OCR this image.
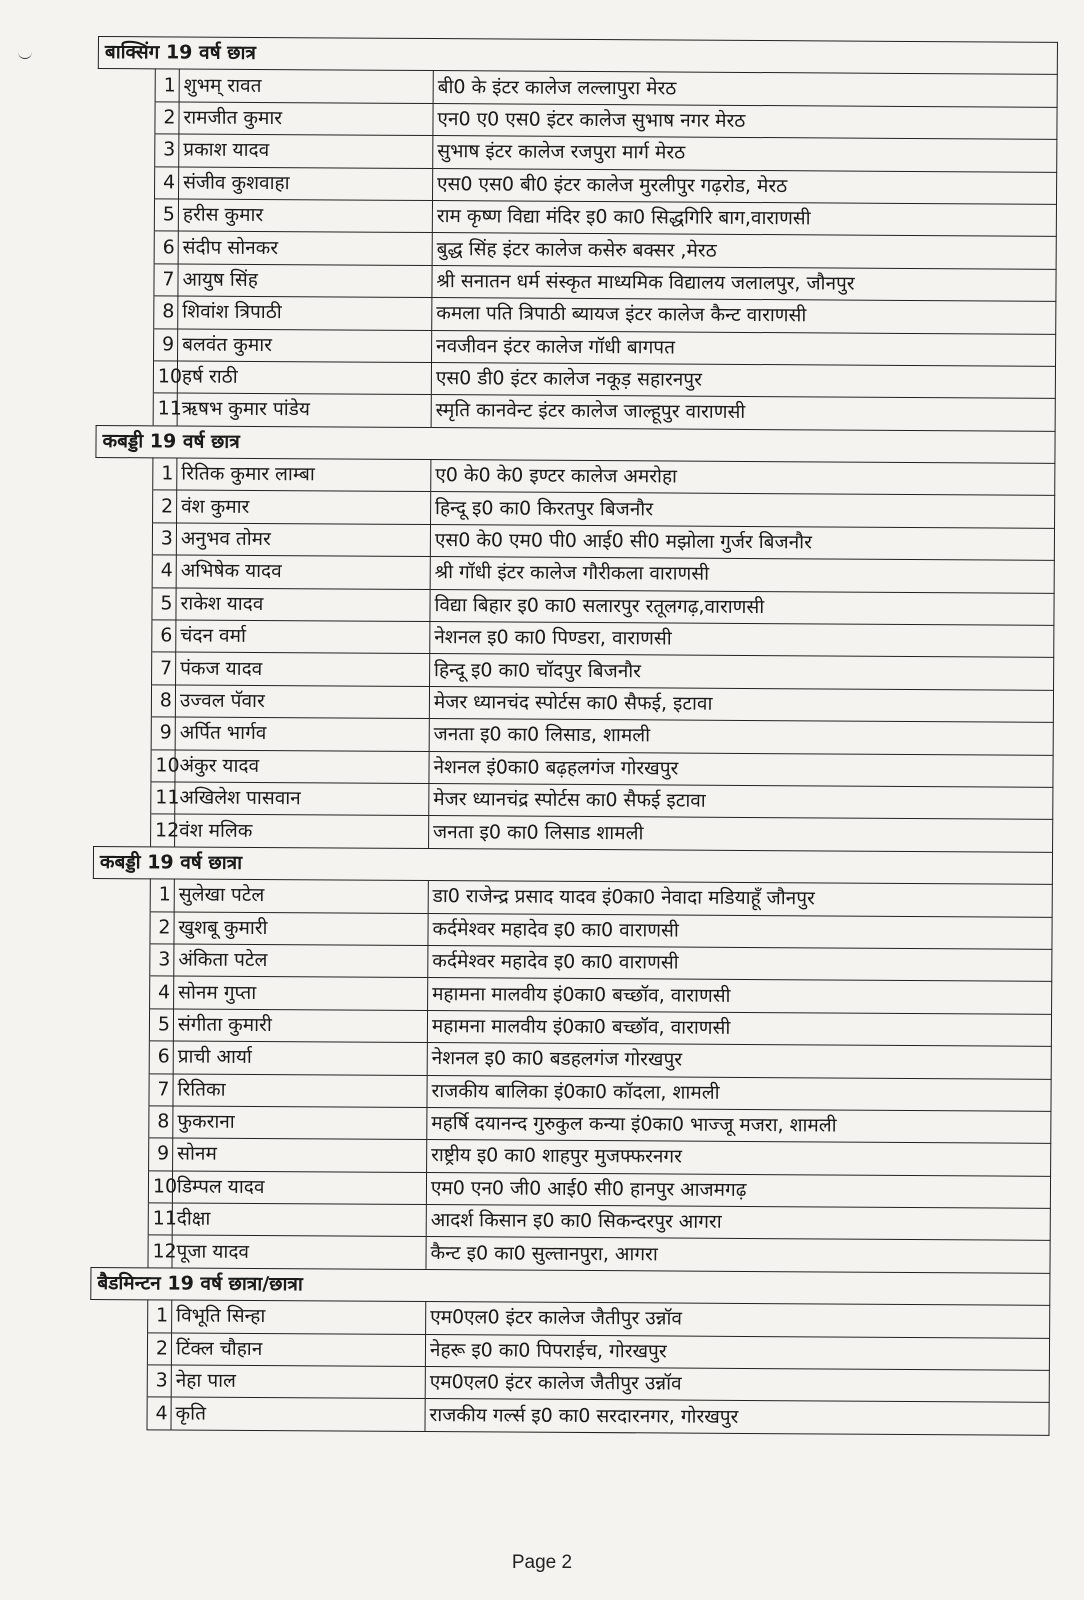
बाक्सिंग 19 वर्ष छात्र			
	1	शुभम् रावत	बी0 के इंटर कालेज लल्लापुरा मेरठ
	2	रामजीत कुमार	एन0 ए0 एस0 इंटर कालेज सुभाष नगर मेरठ
	3	प्रकाश यादव	सुभाष इंटर कालेज रजपुरा मार्ग मेरठ
	4	संजीव कुशवाहा	एस0 एस0 बी0 इंटर कालेज मुरलीपुर गढ़रोड, मेरठ
	5	हरीस कुमार	राम कृष्ण विद्या मंदिर इ0 का0 सिद्धगिरि बाग,वाराणसी
	6	संदीप सोनकर	बुद्ध सिंह इंटर कालेज कसेरु बक्सर ,मेरठ
	7	आयुष सिंह	श्री सनातन धर्म संस्कृत माध्यमिक विद्यालय जलालपुर, जौनपुर
	8	शिवांश त्रिपाठी	कमला पति त्रिपाठी ब्यायज इंटर कालेज कैन्ट वाराणसी
	9	बलवंत कुमार	नवजीवन इंटर कालेज गॉधी बागपत
	10	हर्ष राठी	एस0 डी0 इंटर कालेज नकूड़ सहारनपुर
	11	ऋषभ कुमार पांडेय	स्मृति कानवेन्ट इंटर कालेज जाल्हूपुर वाराणसी
कबड्डी 19 वर्ष छात्र			
	1	रितिक कुमार लाम्बा	ए0 के0 के0 इण्टर कालेज अमरोहा
	2	वंश कुमार	हिन्दू इ0 का0 किरतपुर बिजनौर
	3	अनुभव तोमर	एस0 के0 एम0 पी0 आई0 सी0 मझोला गुर्जर बिजनौर
	4	अभिषेक यादव	श्री गॉधी इंटर कालेज गौरीकला वाराणसी
	5	राकेश यादव	विद्या बिहार इ0 का0 सलारपुर रतूलगढ़,वाराणसी
	6	चंदन वर्मा	नेशनल इ0 का0 पिण्डरा, वाराणसी
	7	पंकज यादव	हिन्दू इ0 का0 चॉदपुर बिजनौर
	8	उज्वल पॅवार	मेजर ध्यानचंद स्पोर्टस का0 सैफई, इटावा
	9	अर्पित भार्गव	जनता इ0 का0 लिसाड, शामली
	10	अंकुर यादव	नेशनल इं0का0 बढ़हलगंज गोरखपुर
	11	अखिलेश पासवान	मेजर ध्यानचंद्र स्पोर्टस का0 सैफई इटावा
	12	वंश मलिक	जनता इ0 का0 लिसाड शामली
कबड्डी 19 वर्ष छात्रा			
	1	सुलेखा पटेल	डा0 राजेन्द्र प्रसाद यादव इं0का0 नेवादा मडियाहूँ जौनपुर
	2	खुशबू कुमारी	कर्दमेश्वर महादेव इ0 का0 वाराणसी
	3	अंकिता पटेल	कर्दमेश्वर महादेव इ0 का0 वाराणसी
	4	सोनम गुप्ता	महामना मालवीय इं0का0 बच्छॉव, वाराणसी
	5	संगीता कुमारी	महामना मालवीय इं0का0 बच्छॉव, वाराणसी
	6	प्राची आर्या	नेशनल इ0 का0 बडहलगंज गोरखपुर
	7	रितिका	राजकीय बालिका इं0का0 कॉदला, शामली
	8	फुकराना	महर्षि दयानन्द गुरुकुल कन्या इं0का0 भाज्जू मजरा, शामली
	9	सोनम	राष्ट्रीय इ0 का0 शाहपुर मुजफ्फरनगर
	10	डिम्पल यादव	एम0 एन0 जी0 आई0 सी0 हानपुर आजमगढ़
	11	दीक्षा	आदर्श किसान इ0 का0 सिकन्दरपुर आगरा
	12	पूजा यादव	कैन्ट इ0 का0 सुल्तानपुरा, आगरा
बैडमिन्टन 19 वर्ष छात्रा/छात्रा			
	1	विभूति सिन्हा	एम0एल0 इंटर कालेज जैतीपुर उन्नॉव
	2	टिंक्ल चौहान	नेहरू इ0 का0 पिपराईच, गोरखपुर
	3	नेहा पाल	एम0एल0 इंटर कालेज जैतीपुर उन्नॉव
	4	कृति	राजकीय गर्ल्स इ0 का0 सरदारनगर, गोरखपुर
Page 2
